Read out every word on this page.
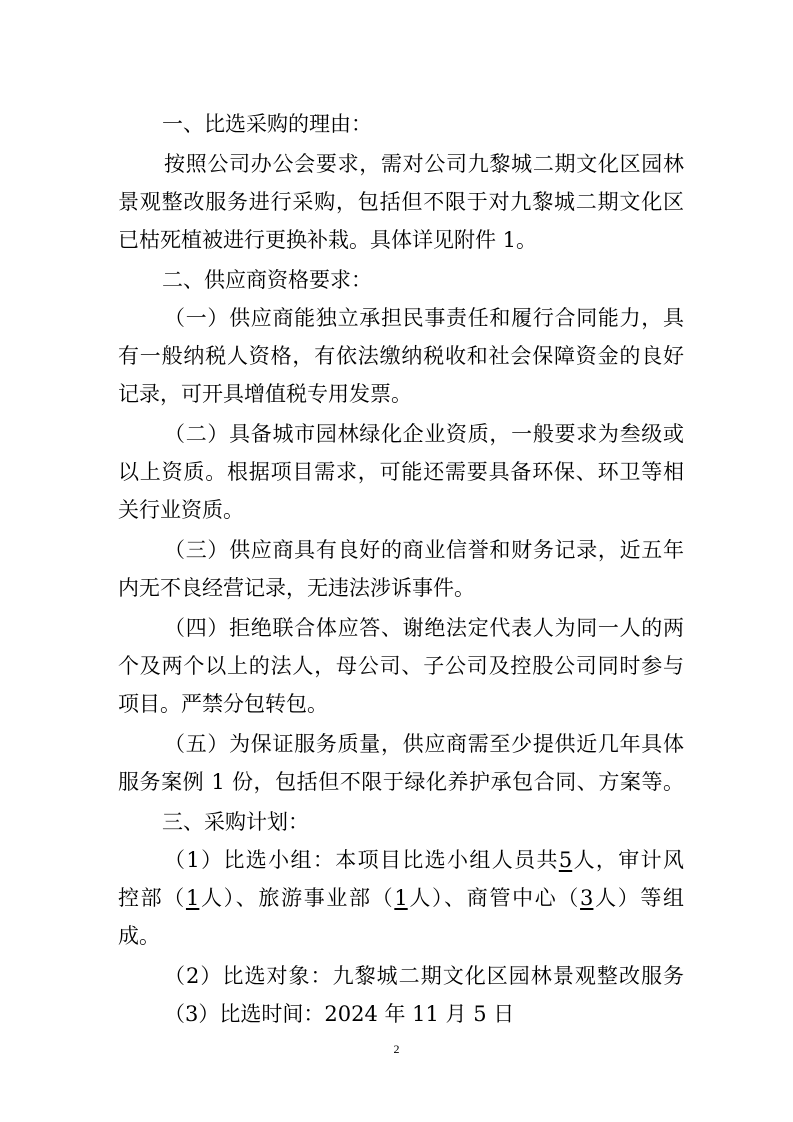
一、比选采购的理由：
按照公司办公会要求，需对公司九黎城二期文化区园林
景观整改服务进行采购，包括但不限于对九黎城二期文化区
已枯死植被进行更换补栽。具体详见附件 1。
二、供应商资格要求：
（一）供应商能独立承担民事责任和履行合同能力，具
有一般纳税人资格，有依法缴纳税收和社会保障资金的良好
记录，可开具增值税专用发票。
（二）具备城市园林绿化企业资质，一般要求为叁级或
以上资质。根据项目需求，可能还需要具备环保、环卫等相
关行业资质。
（三）供应商具有良好的商业信誉和财务记录，近五年
内无不良经营记录，无违法涉诉事件。
（四）拒绝联合体应答、谢绝法定代表人为同一人的两
个及两个以上的法人，母公司、子公司及控股公司同时参与
项目。严禁分包转包。
（五）为保证服务质量，供应商需至少提供近几年具体
服务案例 1 份，包括但不限于绿化养护承包合同、方案等。
三、采购计划：
（1）比选小组：本项目比选小组人员共5人，审计风
控部（1人）、旅游事业部（1人）、商管中心（3人）等组
成。
（2）比选对象：九黎城二期文化区园林景观整改服务
（3）比选时间：2024 年 11 月 5 日
2
